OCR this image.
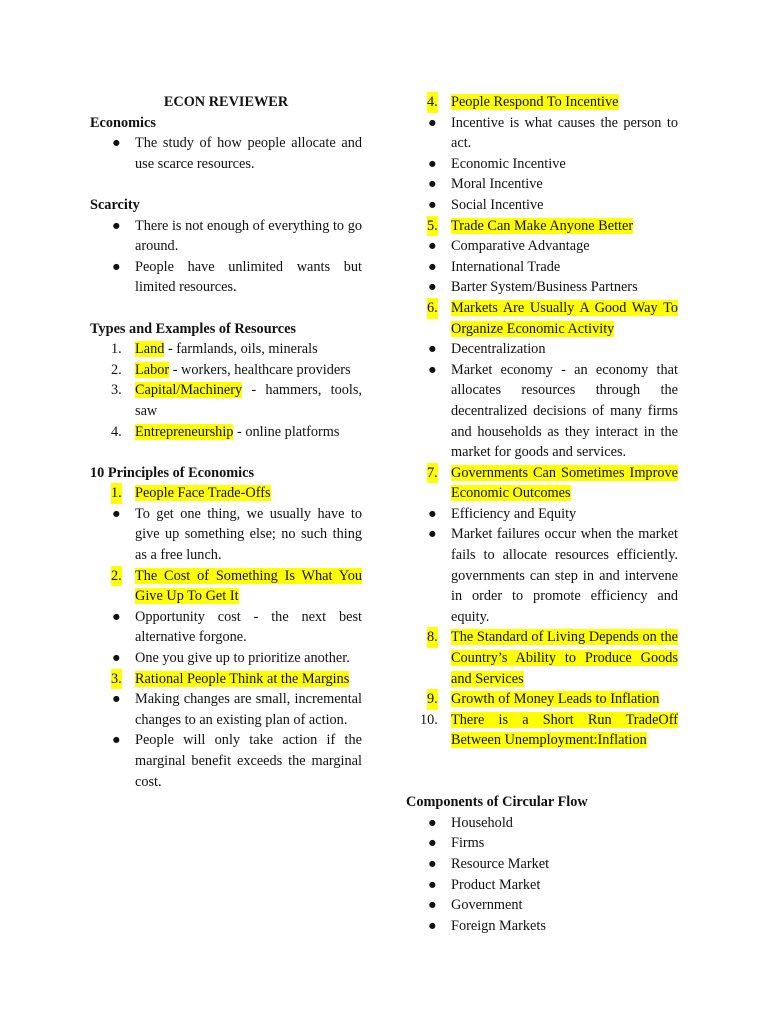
ECON REVIEWER

Economics

● The study of how people allocate and use scarce resources.

Scarcity

● There is not enough of everything to go around.
● People have unlimited wants but limited resources.

Types and Examples of Resources

1. Land - farmlands, oils, minerals
2. Labor - workers, healthcare providers
3. Capital/Machinery - hammers, tools, saw
4. Entrepreneurship - online platforms

10 Principles of Economics

1. People Face Trade-Offs
● To get one thing, we usually have to give up something else; no such thing as a free lunch.
2. The Cost of Something Is What You Give Up To Get It
● Opportunity cost - the next best alternative forgone.
● One you give up to prioritize another.
3. Rational People Think at the Margins
● Making changes are small, incremental changes to an existing plan of action.
● People will only take action if the marginal benefit exceeds the marginal cost.
4. People Respond To Incentive
● Incentive is what causes the person to act.
● Economic Incentive
● Moral Incentive
● Social Incentive
5. Trade Can Make Anyone Better
● Comparative Advantage
● International Trade
● Barter System/Business Partners
6. Markets Are Usually A Good Way To Organize Economic Activity
● Decentralization
● Market economy - an economy that allocates resources through the decentralized decisions of many firms and households as they interact in the market for goods and services.
7. Governments Can Sometimes Improve Economic Outcomes
● Efficiency and Equity
● Market failures occur when the market fails to allocate resources efficiently. governments can step in and intervene in order to promote efficiency and equity.
8. The Standard of Living Depends on the Country’s Ability to Produce Goods and Services
9. Growth of Money Leads to Inflation
10. There is a Short Run TradeOff Between Unemployment:Inflation

Components of Circular Flow

● Household
● Firms
● Resource Market
● Product Market
● Government
● Foreign Markets
